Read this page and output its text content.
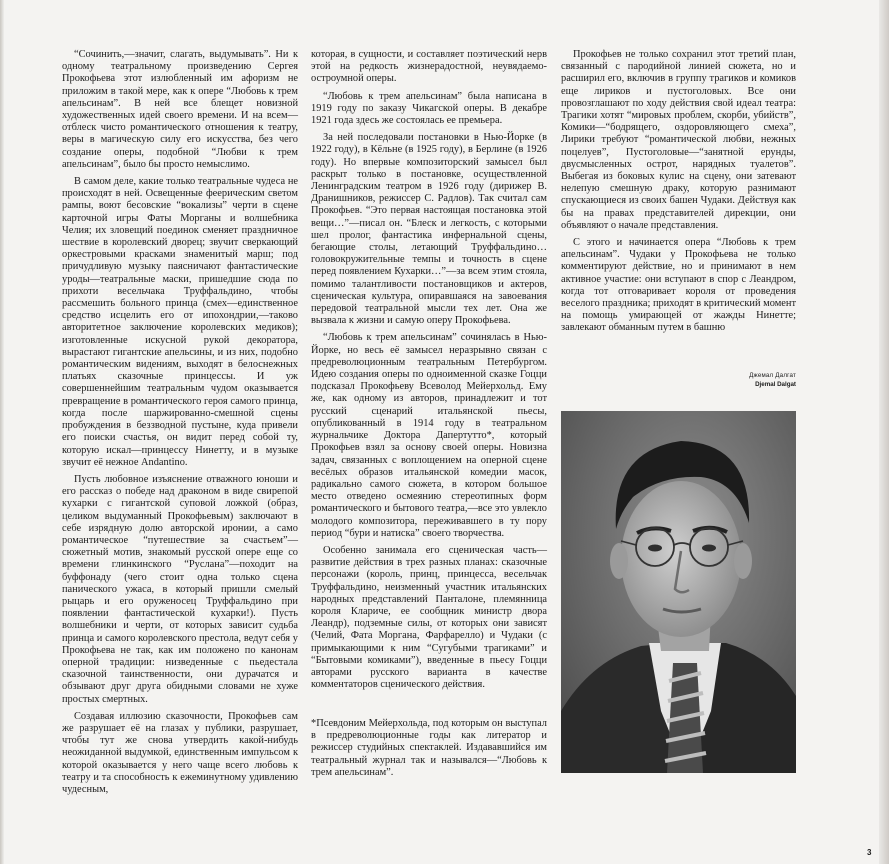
“Сочинить,—значит, слагать, выдумывать”. Ни к одному театральному произведению Сергея Прокофьева этот излюбленный им афоризм не приложим в такой мере, как к опере “Любовь к трем апельсинам”. В ней все блещет новизной художественных идей своего времени. И на всем—отблеск чисто романтического отношения к театру, веры в магическую силу его искусства, без чего создание оперы, подобной “Любви к трем апельсинам”, было бы просто немыслимо.

В самом деле, какие только театральные чудеса не происходят в ней. Освещенные феерическим светом рампы, воют бесовские “вокализы” черти в сцене карточной игры Фаты Морганы и волшебника Челия; их зловещий поединок сменяет праздничное шествие в королевский дворец; звучит сверкающий оркестровыми красками знаменитый марш; под причудливую музыку паясничают фантастические уроды—театральные маски, пришедшие сюда по прихоти весельчака Труффальдино, чтобы рассмешить больного принца (смех—единственное средство исцелить его от ипохондрии,—таково авторитетное заключение королевских медиков); изготовленные искусной рукой декоратора, вырастают гигантские апельсины, и из них, подобно романтическим видениям, выходят в белоснежных платьях сказочные принцессы. И уж совершеннейшим театральным чудом оказывается превращение в романтического героя самого принца, когда после шаржированно-смешной сцены пробуждения в беззводной пустыне, куда привели его поиски счастья, он видит перед собой ту, которую искал—принцессу Нинетту, и в музыке звучит её нежное Andantino.

Пусть любовное изъяснение отважного юноши и его рассказ о победе над драконом в виде свирепой кухарки с гигантской суповой ложкой (образ, целиком выдуманный Прокофьевым) заключают в себе изрядную долю авторской иронии, а само романтическое “путешествие за счастьем”—сюжетный мотив, знакомый русской опере еще со времени глинкинского “Руслана”—походит на буффонаду (чего стоит одна только сцена панического ужаса, в который пришли смелый рыцарь и его оруженосец Труффальдино при появлении фантастической кухарки!). Пусть волшебники и черти, от которых зависит судьба принца и самого королевского престола, ведут себя у Прокофьева не так, как им положено по канонам оперной традиции: низведенные с пьедестала сказочной таинственности, они дурачатся и обзывают друг друга обидными словами не хуже простых смертных.

Создавая иллюзию сказочности, Прокофьев сам же разрушает её на глазах у публики, разрушает, чтобы тут же снова утвердить какой-нибудь неожиданной выдумкой, единственным импульсом к которой оказывается у него чаще всего любовь к театру и та способность к ежеминутному удивлению чудесным,

которая, в сущности, и составляет поэтический нерв этой на редкость жизнерадостной, неувядаемо-остроумной оперы.

“Любовь к трем апельсинам” была написана в 1919 году по заказу Чикагской оперы. В декабре 1921 года здесь же состоялась ее премьера.

За ней последовали постановки в Нью-Йорке (в 1922 году), в Кёльне (в 1925 году), в Берлине (в 1926 году). Но впервые композиторский замысел был раскрыт только в постановке, осуществленной Ленинградским театром в 1926 году (дирижер В. Дранишников, режиссер С. Радлов). Так считал сам Прокофьев. “Это первая настоящая постановка этой вещи…”—писал он. “Блеск и легкость, с которыми шел пролог, фантастика инфернальной сцены, бегающие столы, летающий Труффальдино… головокружительные темпы и точность в сцене перед появлением Кухарки…”—за всем этим стояла, помимо талантливости постановщиков и актеров, сценическая культура, опиравшаяся на завоевания передовой театральной мысли тех лет. Она же вызвала к жизни и самую оперу Прокофьева.

“Любовь к трем апельсинам” сочинялась в Нью-Йорке, но весь её замысел неразрывно связан с предреволюционным театральным Петербургом. Идею создания оперы по одноименной сказке Гоцци подсказал Прокофьеву Всеволод Мейерхольд. Ему же, как одному из авторов, принадлежит и тот русский сценарий итальянской пьесы, опубликованный в 1914 году в театральном журнальчике Доктора Дапертутто*, который Прокофьев взял за основу своей оперы. Новизна задач, связанных с воплощением на оперной сцене весёлых образов итальянской комедии масок, радикально самого сюжета, в котором большое место отведено осмеянию стереотипных форм романтического и бытового театра,—все это увлекло молодого композитора, переживавшего в ту пору период “бури и натиска” своего творчества.

Особенно занимала его сценическая часть—развитие действия в трех разных планах: сказочные персонажи (король, принц, принцесса, весельчак Труффальдино, неизменный участник итальянских народных представлений Панталоне, племянница короля Клариче, ее сообщник министр двора Леандр), подземные силы, от которых они зависят (Челий, Фата Моргана, Фарфарелло) и Чудаки (с примыкающими к ним “Сугубыми трагиками” и “Бытовыми комиками”), введенные в пьесу Гоцци авторами русского варианта в качестве комментаторов сценического действия.

*Псевдоним Мейерхольда, под которым он выступал в предреволюционные годы как литератор и режиссер студийных спектаклей. Издававшийся им театральный журнал так и назывался—“Любовь к трем апельсинам”.

Прокофьев не только сохранил этот третий план, связанный с пародийной линией сюжета, но и расширил его, включив в группу трагиков и комиков еще лириков и пустоголовых. Все они провозглашают по ходу действия свой идеал театра: Трагики хотят “мировых проблем, скорби, убийств”, Комики—“бодрящего, оздоровляющего смеха”, Лирики требуют “романтической любви, нежных поцелуев”, Пустоголовые—“занятной ерунды, двусмысленных острот, нарядных туалетов”. Выбегая из боковых кулис на сцену, они затевают нелепую смешную драку, которую разнимают спускающиеся из своих башен Чудаки. Действуя как бы на правах представителей дирекции, они объявляют о начале представления.

С этого и начинается опера “Любовь к трем апельсинам”. Чудаки у Прокофьева не только комментируют действие, но и принимают в нем активное участие: они вступают в спор с Леандром, когда тот отговаривает короля от проведения веселого праздника; приходят в критический момент на помощь умирающей от жажды Нинетте; завлекают обманным путем в башню

Джемал Далгат
Djemal Dalgat
3
